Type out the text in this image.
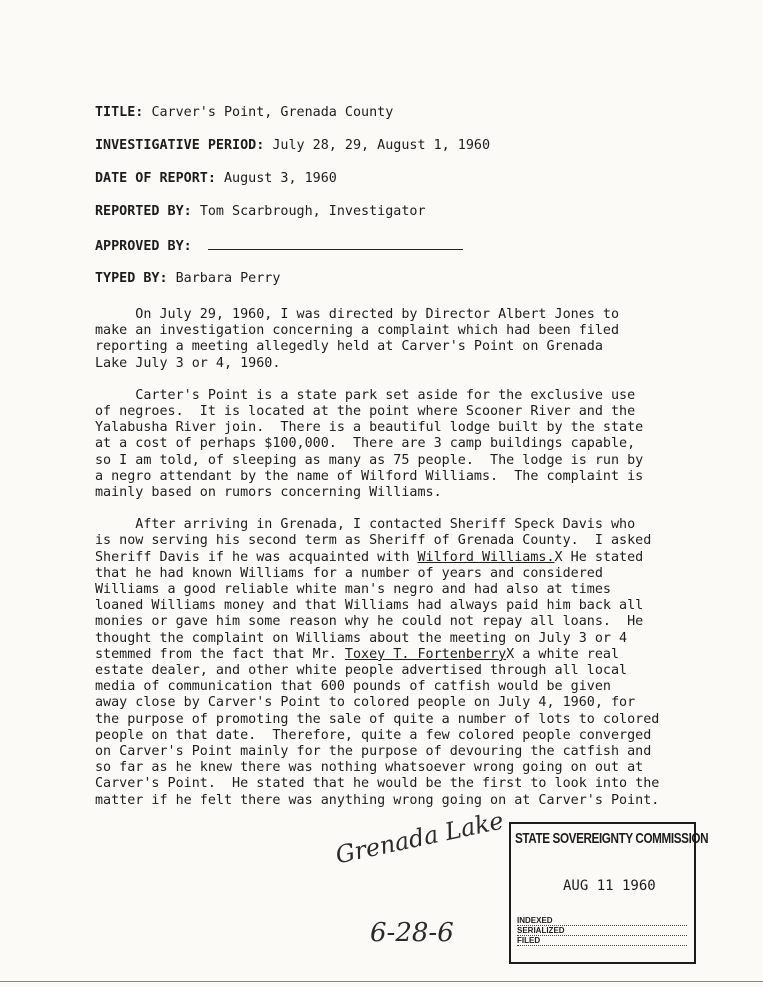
TITLE: Carver's Point, Grenada County
INVESTIGATIVE PERIOD: July 28, 29, August 1, 1960
DATE OF REPORT: August 3, 1960
REPORTED BY: Tom Scarbrough, Investigator
APPROVED BY:
TYPED BY: Barbara Perry

On July 29, 1960, I was directed by Director Albert Jones to
make an investigation concerning a complaint which had been filed
reporting a meeting allegedly held at Carver's Point on Grenada
Lake July 3 or 4, 1960.

Carter's Point is a state park set aside for the exclusive use
of negroes.  It is located at the point where Scooner River and the
Yalabusha River join.  There is a beautiful lodge built by the state
at a cost of perhaps $100,000.  There are 3 camp buildings capable,
so I am told, of sleeping as many as 75 people.  The lodge is run by
a negro attendant by the name of Wilford Williams.  The complaint is
mainly based on rumors concerning Williams.

After arriving in Grenada, I contacted Sheriff Speck Davis who
is now serving his second term as Sheriff of Grenada County.  I asked
Sheriff Davis if he was acquainted with Wilford Williams.X He stated
that he had known Williams for a number of years and considered
Williams a good reliable white man's negro and had also at times
loaned Williams money and that Williams had always paid him back all
monies or gave him some reason why he could not repay all loans.  He
thought the complaint on Williams about the meeting on July 3 or 4
stemmed from the fact that Mr. Toxey T. FortenberryX a white real
estate dealer, and other white people advertised through all local
media of communication that 600 pounds of catfish would be given
away close by Carver's Point to colored people on July 4, 1960, for
the purpose of promoting the sale of quite a number of lots to colored
people on that date.  Therefore, quite a few colored people converged
on Carver's Point mainly for the purpose of devouring the catfish and
so far as he knew there was nothing whatsoever wrong going on out at
Carver's Point.  He stated that he would be the first to look into the
matter if he felt there was anything wrong going on at Carver's Point.

STATE SOVEREIGNTY COMMISSION
AUG 11 1960
INDEXED
SERIALIZED
FILED
Grenada Lake
6-28-6
